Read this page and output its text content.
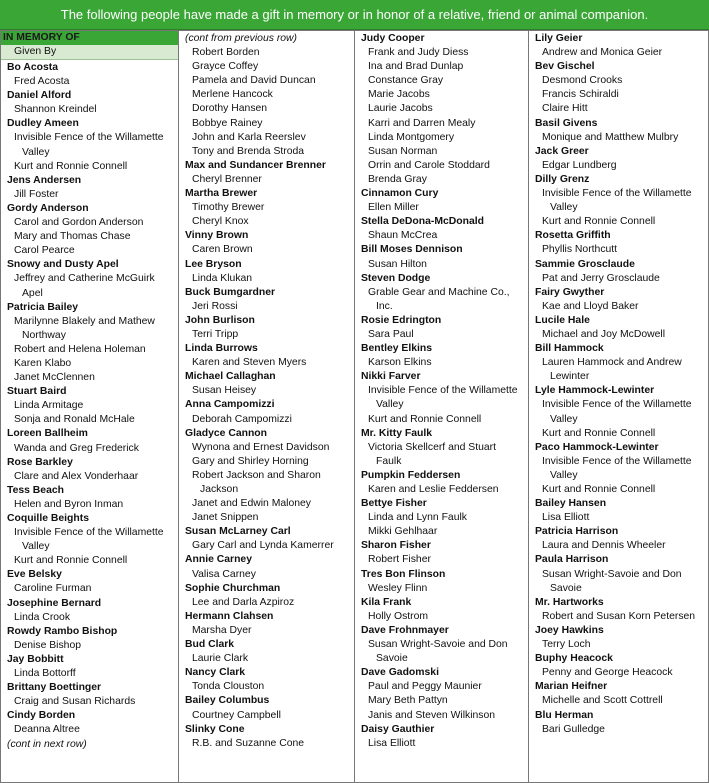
The following people have made a gift in memory or in honor of a relative, friend or animal companion.
IN MEMORY OF
Given By
Bo Acosta
Fred Acosta
Daniel Alford
Shannon Kreindel
Dudley Ameen
Invisible Fence of the Willamette
Valley
Kurt and Ronnie Connell
Jens Andersen
Jill Foster
Gordy Anderson
Carol and Gordon Anderson
Mary and Thomas Chase
Carol Pearce
Snowy and Dusty Apel
Jeffrey and Catherine McGuirk
Apel
Patricia Bailey
Marilynne Blakely and Mathew
Northway
Robert and Helena Holeman
Karen Klabo
Janet McClennen
Stuart Baird
Linda Armitage
Sonja and Ronald McHale
Loreen Ballheim
Wanda and Greg Frederick
Rose Barkley
Clare and Alex Vonderhaar
Tess Beach
Helen and Byron Inman
Coquille Beights
Invisible Fence of the Willamette
Valley
Kurt and Ronnie Connell
Eve Belsky
Caroline Furman
Josephine Bernard
Linda Crook
Rowdy Rambo Bishop
Denise Bishop
Jay Bobbitt
Linda Bottorff
Brittany Boettinger
Craig and Susan Richards
Cindy Borden
Deanna Altree
(cont in next row)
(cont from previous row)
Robert Borden
Grayce Coffey
Pamela and David Duncan
Merlene Hancock
Dorothy Hansen
Bobbye Rainey
John and Karla Reerslev
Tony and Brenda Stroda
Max and Sundancer Brenner
Cheryl Brenner
Martha Brewer
Timothy Brewer
Cheryl Knox
Vinny Brown
Caren Brown
Lee Bryson
Linda Klukan
Buck Bumgardner
Jeri Rossi
John Burlison
Terri Tripp
Linda Burrows
Karen and Steven Myers
Michael Callaghan
Susan Heisey
Anna Campomizzi
Deborah Campomizzi
Gladyce Cannon
Wynona and Ernest Davidson
Gary and Shirley Horning
Robert Jackson and Sharon
Jackson
Janet and Edwin Maloney
Janet Snippen
Susan McLarney Carl
Gary Carl and Lynda Kamerrer
Annie Carney
Valisa Carney
Sophie Churchman
Lee and Darla Azpiroz
Hermann Clahsen
Marsha Dyer
Bud Clark
Laurie Clark
Nancy Clark
Tonda Clouston
Bailey Columbus
Courtney Campbell
Slinky Cone
R.B. and Suzanne Cone
Judy Cooper
Frank and Judy Diess
Ina and Brad Dunlap
Constance Gray
Marie Jacobs
Laurie Jacobs
Karri and Darren Mealy
Linda Montgomery
Susan Norman
Orrin and Carole Stoddard
Brenda Gray
Cinnamon Cury
Ellen Miller
Stella DeDona-McDonald
Shaun McCrea
Bill Moses Dennison
Susan Hilton
Steven Dodge
Grable Gear and Machine Co.,
Inc.
Rosie Edrington
Sara Paul
Bentley Elkins
Karson Elkins
Nikki Farver
Invisible Fence of the Willamette
Valley
Kurt and Ronnie Connell
Mr. Kitty Faulk
Victoria Skellcerf and Stuart
Faulk
Pumpkin Feddersen
Karen and Leslie Feddersen
Bettye Fisher
Linda and Lynn Faulk
Mikki Gehlhaar
Sharon Fisher
Robert Fisher
Tres Bon Flinson
Wesley Flinn
Kila Frank
Holly Ostrom
Dave Frohnmayer
Susan Wright-Savoie and Don
Savoie
Dave Gadomski
Paul and Peggy Maunier
Mary Beth Pattyn
Janis and Steven Wilkinson
Daisy Gauthier
Lisa Elliott
Lily Geier
Andrew and Monica Geier
Bev Gischel
Desmond Crooks
Francis Schiraldi
Claire Hitt
Basil Givens
Monique and Matthew Mulbry
Jack Greer
Edgar Lundberg
Dilly Grenz
Invisible Fence of the Willamette
Valley
Kurt and Ronnie Connell
Rosetta Griffith
Phyllis Northcutt
Sammie Grosclaude
Pat and Jerry Grosclaude
Fairy Gwyther
Kae and Lloyd Baker
Lucile Hale
Michael and Joy McDowell
Bill Hammock
Lauren Hammock and Andrew
Lewinter
Lyle Hammock-Lewinter
Invisible Fence of the Willamette
Valley
Kurt and Ronnie Connell
Paco Hammock-Lewinter
Invisible Fence of the Willamette
Valley
Kurt and Ronnie Connell
Bailey Hansen
Lisa Elliott
Patricia Harrison
Laura and Dennis Wheeler
Paula Harrison
Susan Wright-Savoie and Don
Savoie
Mr. Hartworks
Robert and Susan Korn Petersen
Joey Hawkins
Terry Loch
Buphy Heacock
Penny and George Heacock
Marian Heifner
Michelle and Scott Cottrell
Blu Herman
Bari Gulledge
